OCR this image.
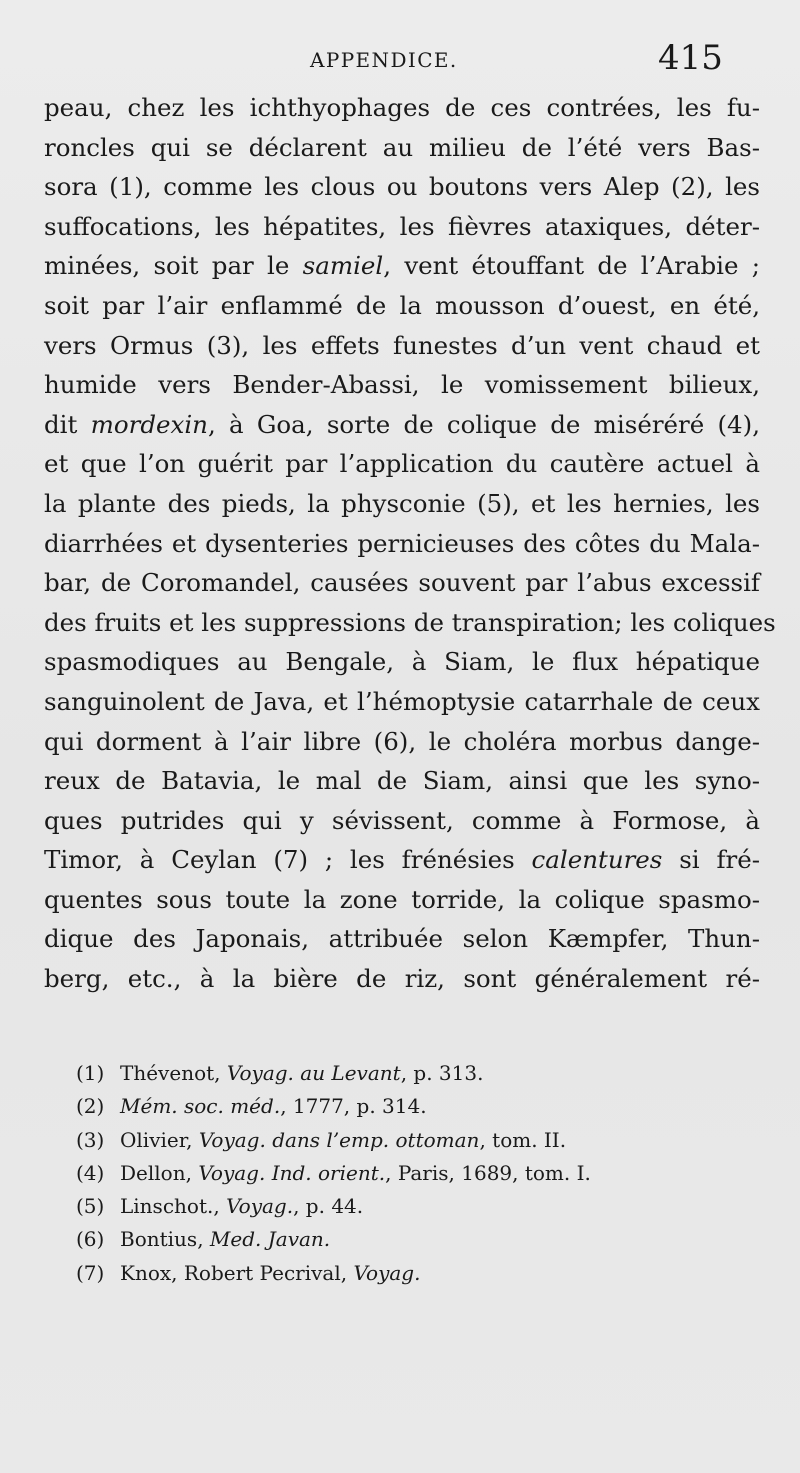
APPENDICE.	415
peau, chez les ichthyophages de ces contrées, les fu-
roncles qui se déclarent au milieu de l’été vers Bas-
sora (1), comme les clous ou boutons vers Alep (2), les
suffocations, les hépatites, les fièvres ataxiques, déter-
minées, soit par le samiel, vent étouffant de l’Arabie ;
soit par l’air enflammé de la mousson d’ouest, en été,
vers Ormus (3), les effets funestes d’un vent chaud et
humide vers Bender-Abassi, le vomissement bilieux,
dit mordexin, à Goa, sorte de colique de miséréré (4),
et que l’on guérit par l’application du cautère actuel à
la plante des pieds, la physconie (5), et les hernies, les
diarrhées et dysenteries pernicieuses des côtes du Mala-
bar, de Coromandel, causées souvent par l’abus excessif
des fruits et les suppressions de transpiration; les coliques
spasmodiques au Bengale, à Siam, le flux hépatique
sanguinolent de Java, et l’hémoptysie catarrhale de ceux
qui dorment à l’air libre (6), le choléra morbus dange-
reux de Batavia, le mal de Siam, ainsi que les syno-
ques putrides qui y sévissent, comme à Formose, à
Timor, à Ceylan (7) ; les frénésies calentures si fré-
quentes sous toute la zone torride, la colique spasmo-
dique des Japonais, attribuée selon Kæmpfer, Thun-
berg, etc., à la bière de riz, sont généralement ré-
(1) Thévenot, Voyag. au Levant, p. 313.
(2) Mém. soc. méd., 1777, p. 314.
(3) Olivier, Voyag. dans l’emp. ottoman, tom. II.
(4) Dellon, Voyag. Ind. orient., Paris, 1689, tom. I.
(5) Linschot., Voyag., p. 44.
(6) Bontius, Med. Javan.
(7) Knox, Robert Pecrival, Voyag.
